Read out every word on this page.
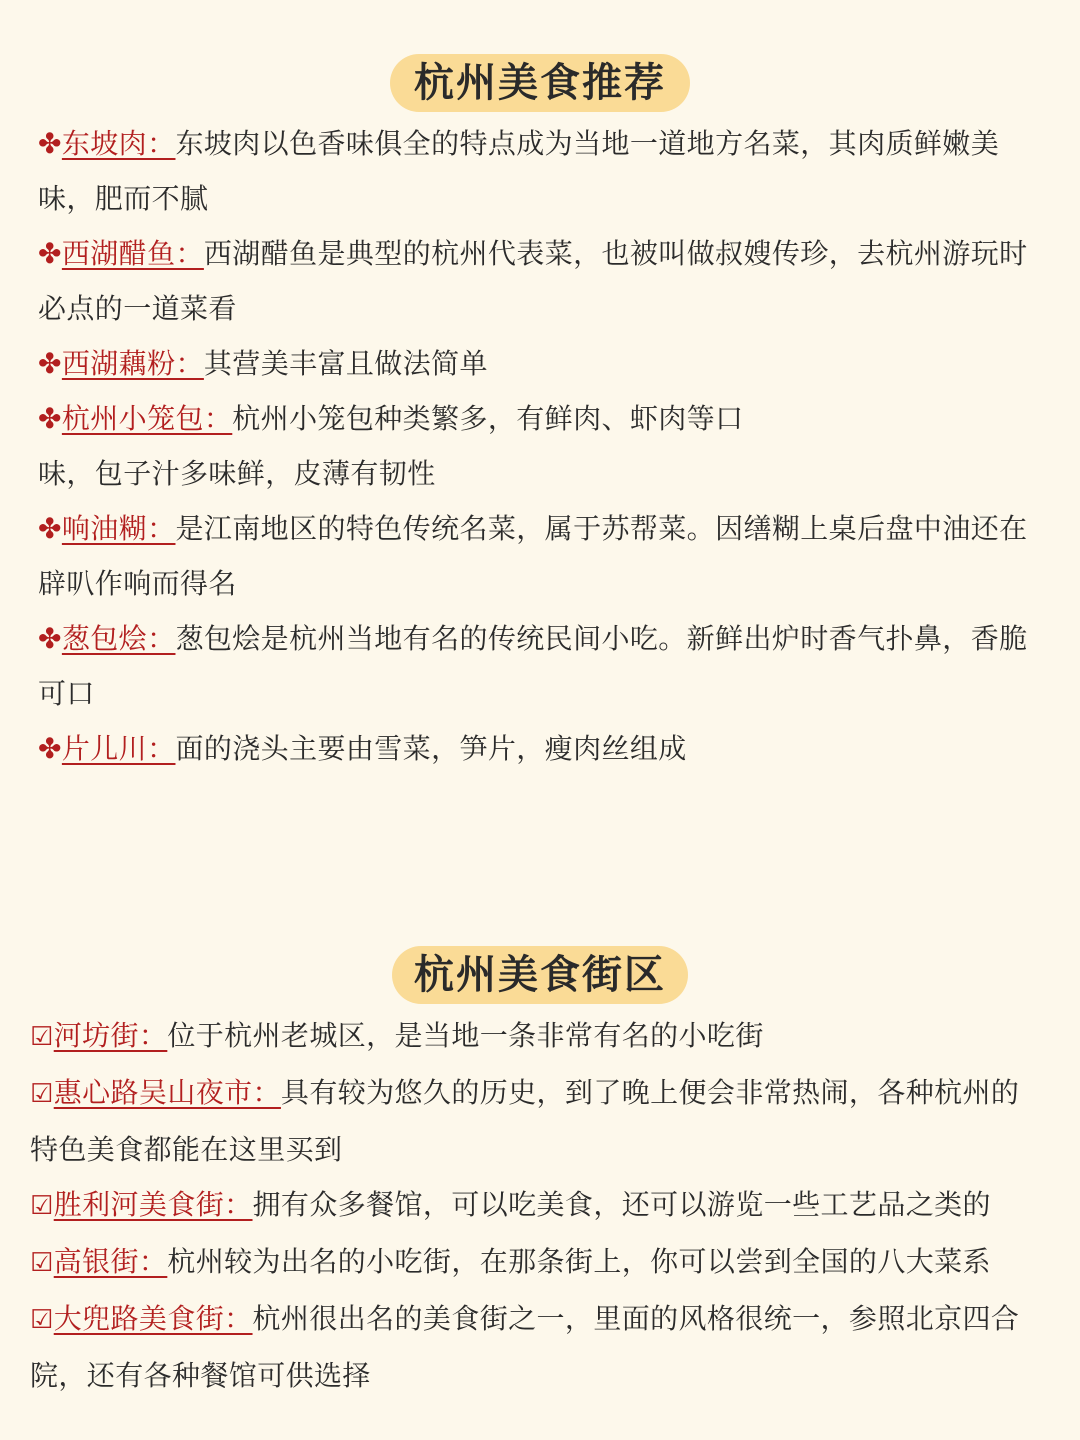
杭州美食推荐
✤东坡肉：东坡肉以色香味俱全的特点成为当地一道地方名菜，其肉质鲜嫩美味，肥而不腻
✤西湖醋鱼：西湖醋鱼是典型的杭州代表菜，也被叫做叔嫂传珍，去杭州游玩时必点的一道菜看
✤西湖藕粉：其营美丰富且做法简单
✤杭州小笼包：杭州小笼包种类繁多，有鲜肉、虾肉等口
味，包子汁多味鲜，皮薄有韧性
✤响油糊：是江南地区的特色传统名菜，属于苏帮菜。因缮糊上桌后盘中油还在辟叭作响而得名
✤葱包烩：葱包烩是杭州当地有名的传统民间小吃。新鲜出炉时香气扑鼻，香脆可口
✤片儿川：面的浇头主要由雪菜，笋片，瘦肉丝组成
杭州美食街区
☑河坊街：位于杭州老城区，是当地一条非常有名的小吃街
☑惠心路吴山夜市：具有较为悠久的历史，到了晚上便会非常热闹，各种杭州的特色美食都能在这里买到
☑胜利河美食街：拥有众多餐馆，可以吃美食，还可以游览一些工艺品之类的
☑高银街：杭州较为出名的小吃街，在那条街上，你可以尝到全国的八大菜系
☑大兜路美食街：杭州很出名的美食街之一，里面的风格很统一，参照北京四合院，还有各种餐馆可供选择
